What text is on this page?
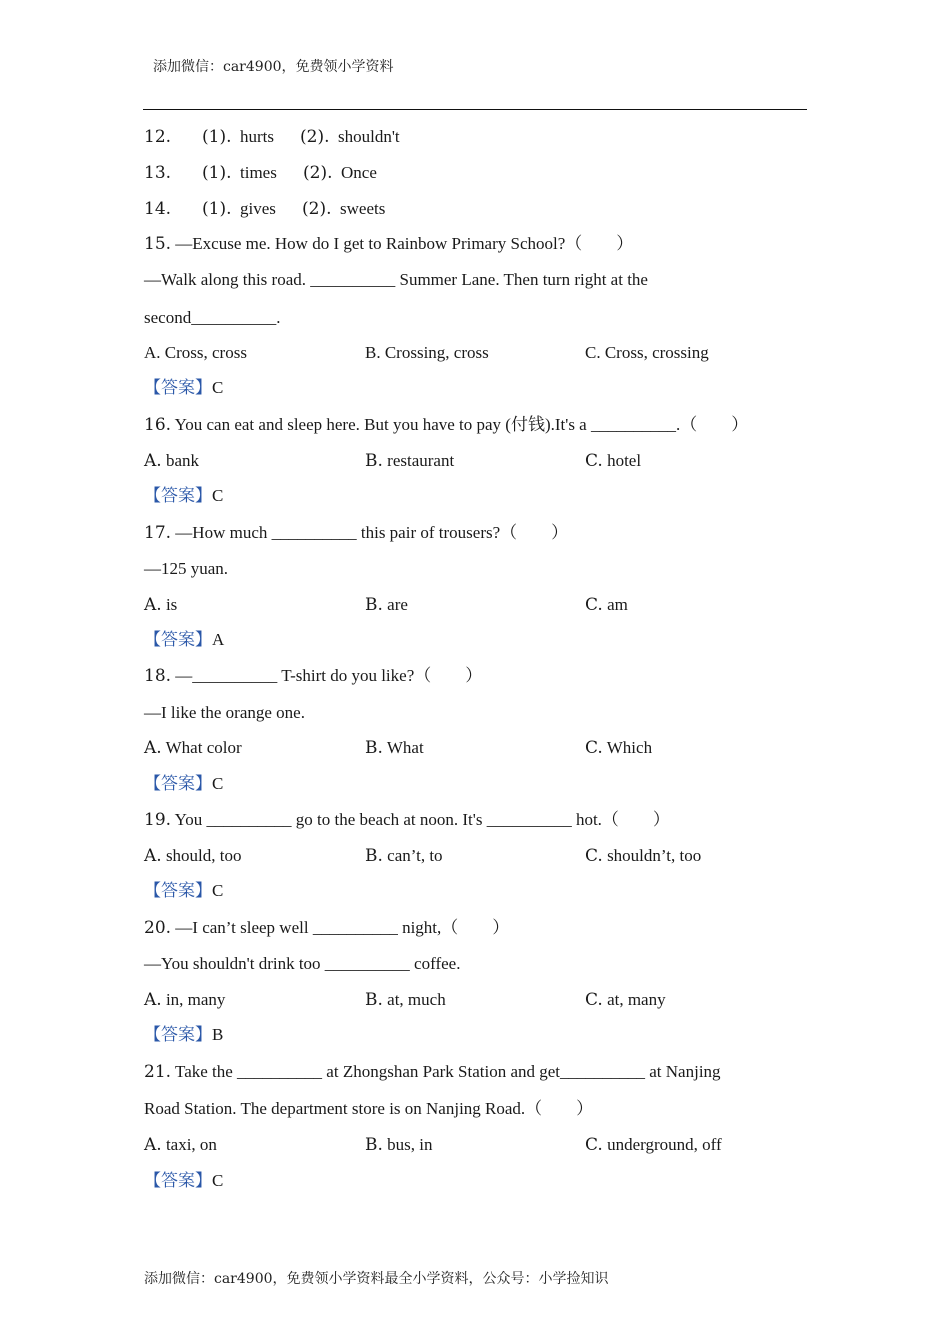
添加微信：car4900，免费领小学资料
12. (1). hurts (2). shouldn't
13. (1). times (2). Once
14. (1). gives (2). sweets
15. —Excuse me. How do I get to Rainbow Primary School?（　　）
—Walk along this road. __________ Summer Lane. Then turn right at the
second__________.
A. Cross, cross	B. Crossing, cross	C. Cross, crossing
【答案】C
16. You can eat and sleep here. But you have to pay (付钱).It's a __________.（　　）
A. bank	B. restaurant	C. hotel
【答案】C
17. —How much __________ this pair of trousers?（　　）
—125 yuan.
A. is	B. are	C. am
【答案】A
18. —__________ T-shirt do you like?（　　）
—I like the orange one.
A. What color	B. What	C. Which
【答案】C
19. You __________ go to the beach at noon. It's __________ hot.（　　）
A. should, too	B. can’t, to	C. shouldn’t, too
【答案】C
20. —I can’t sleep well __________ night,（　　）
—You shouldn't drink too __________ coffee.
A. in, many	B. at, much	C. at, many
【答案】B
21. Take the __________ at Zhongshan Park Station and get__________ at Nanjing
Road Station. The department store is on Nanjing Road.（　　）
A. taxi, on	B. bus, in	C. underground, off
【答案】C
添加微信：car4900，免费领小学资料最全小学资料，公众号：小学捡知识
